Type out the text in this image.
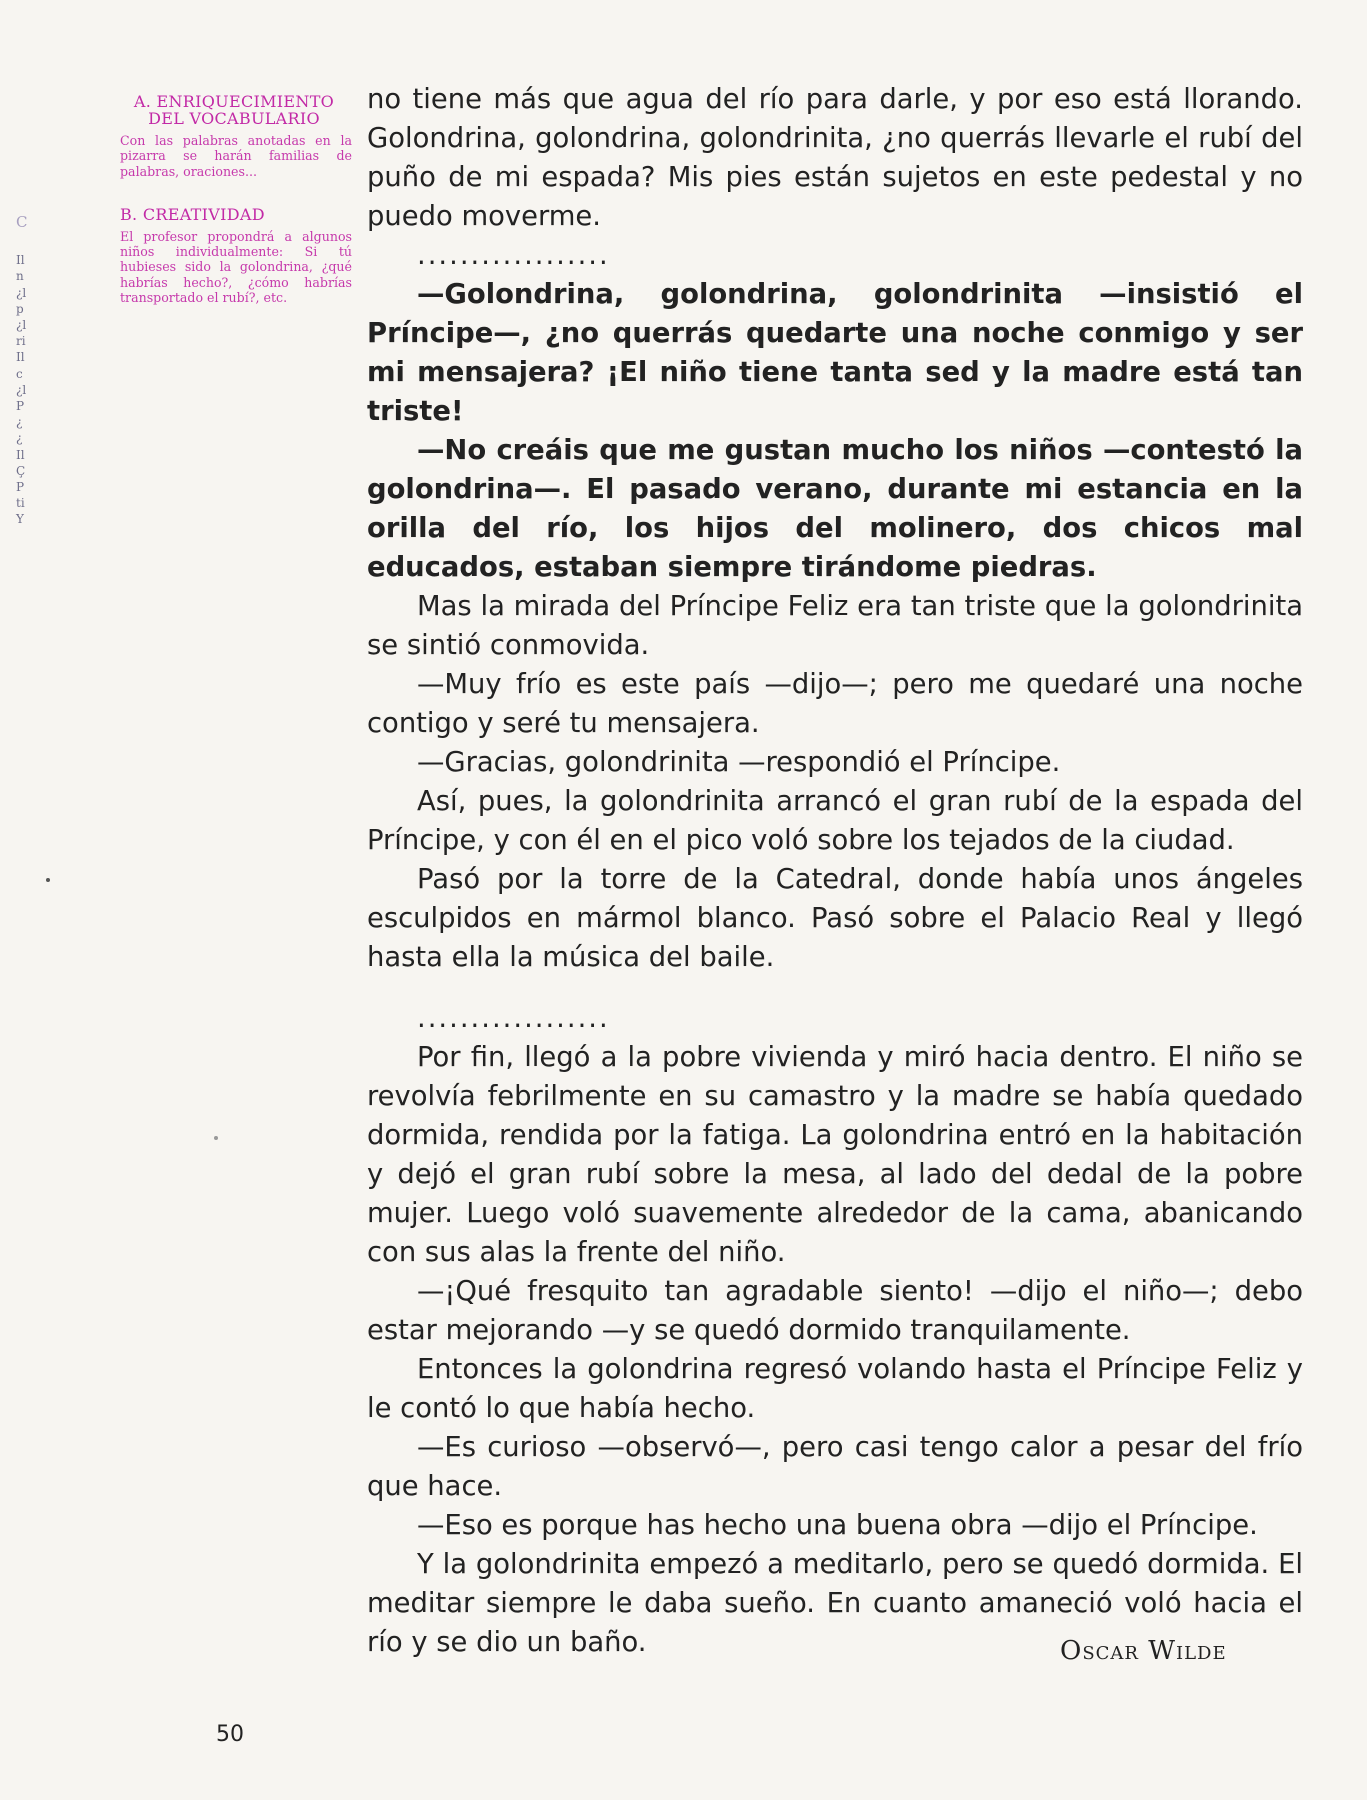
C
Il
n
¿l
p
¿l
ri
Il
c
¿l
P
¿
¿
Il
Ç
P
ti
Y
A. ENRIQUECIMIENTO
DEL VOCABULARIO

Con las palabras anotadas en la pizarra se harán familias de palabras, oraciones...

B. CREATIVIDAD

El profesor propondrá a algunos niños individualmente: Si tú hubieses sido la golondrina, ¿qué habrías hecho?, ¿cómo habrías transportado el rubí?, etc.

no tiene más que agua del río para darle, y por eso está llorando. Golondrina, golondrina, golondrinita, ¿no querrás llevarle el rubí del puño de mi espada? Mis pies están sujetos en este pedestal y no puedo moverme.
..................
—Golondrina, golondrina, golondrinita —insistió el Príncipe—, ¿no querrás quedarte una noche conmigo y ser mi mensajera? ¡El niño tiene tanta sed y la madre está tan triste!
—No creáis que me gustan mucho los niños —contestó la golondrina—. El pasado verano, durante mi estancia en la orilla del río, los hijos del molinero, dos chicos mal educados, estaban siempre tirándome piedras.
Mas la mirada del Príncipe Feliz era tan triste que la golondrinita se sintió conmovida.
—Muy frío es este país —dijo—; pero me quedaré una noche contigo y seré tu mensajera.
—Gracias, golondrinita —respondió el Príncipe.
Así, pues, la golondrinita arrancó el gran rubí de la espada del Príncipe, y con él en el pico voló sobre los tejados de la ciudad.
Pasó por la torre de la Catedral, donde había unos ángeles esculpidos en mármol blanco. Pasó sobre el Palacio Real y llegó hasta ella la música del baile.
..................
Por fin, llegó a la pobre vivienda y miró hacia dentro. El niño se revolvía febrilmente en su camastro y la madre se había quedado dormida, rendida por la fatiga. La golondrina entró en la habitación y dejó el gran rubí sobre la mesa, al lado del dedal de la pobre mujer. Luego voló suavemente alrededor de la cama, abanicando con sus alas la frente del niño.
—¡Qué fresquito tan agradable siento! —dijo el niño—; debo estar mejorando —y se quedó dormido tranquilamente.
Entonces la golondrina regresó volando hasta el Príncipe Feliz y le contó lo que había hecho.
—Es curioso —observó—, pero casi tengo calor a pesar del frío que hace.
—Eso es porque has hecho una buena obra —dijo el Príncipe.
Y la golondrinita empezó a meditarlo, pero se quedó dormida. El meditar siempre le daba sueño. En cuanto amaneció voló hacia el río y se dio un baño.	Oscar Wilde
50
